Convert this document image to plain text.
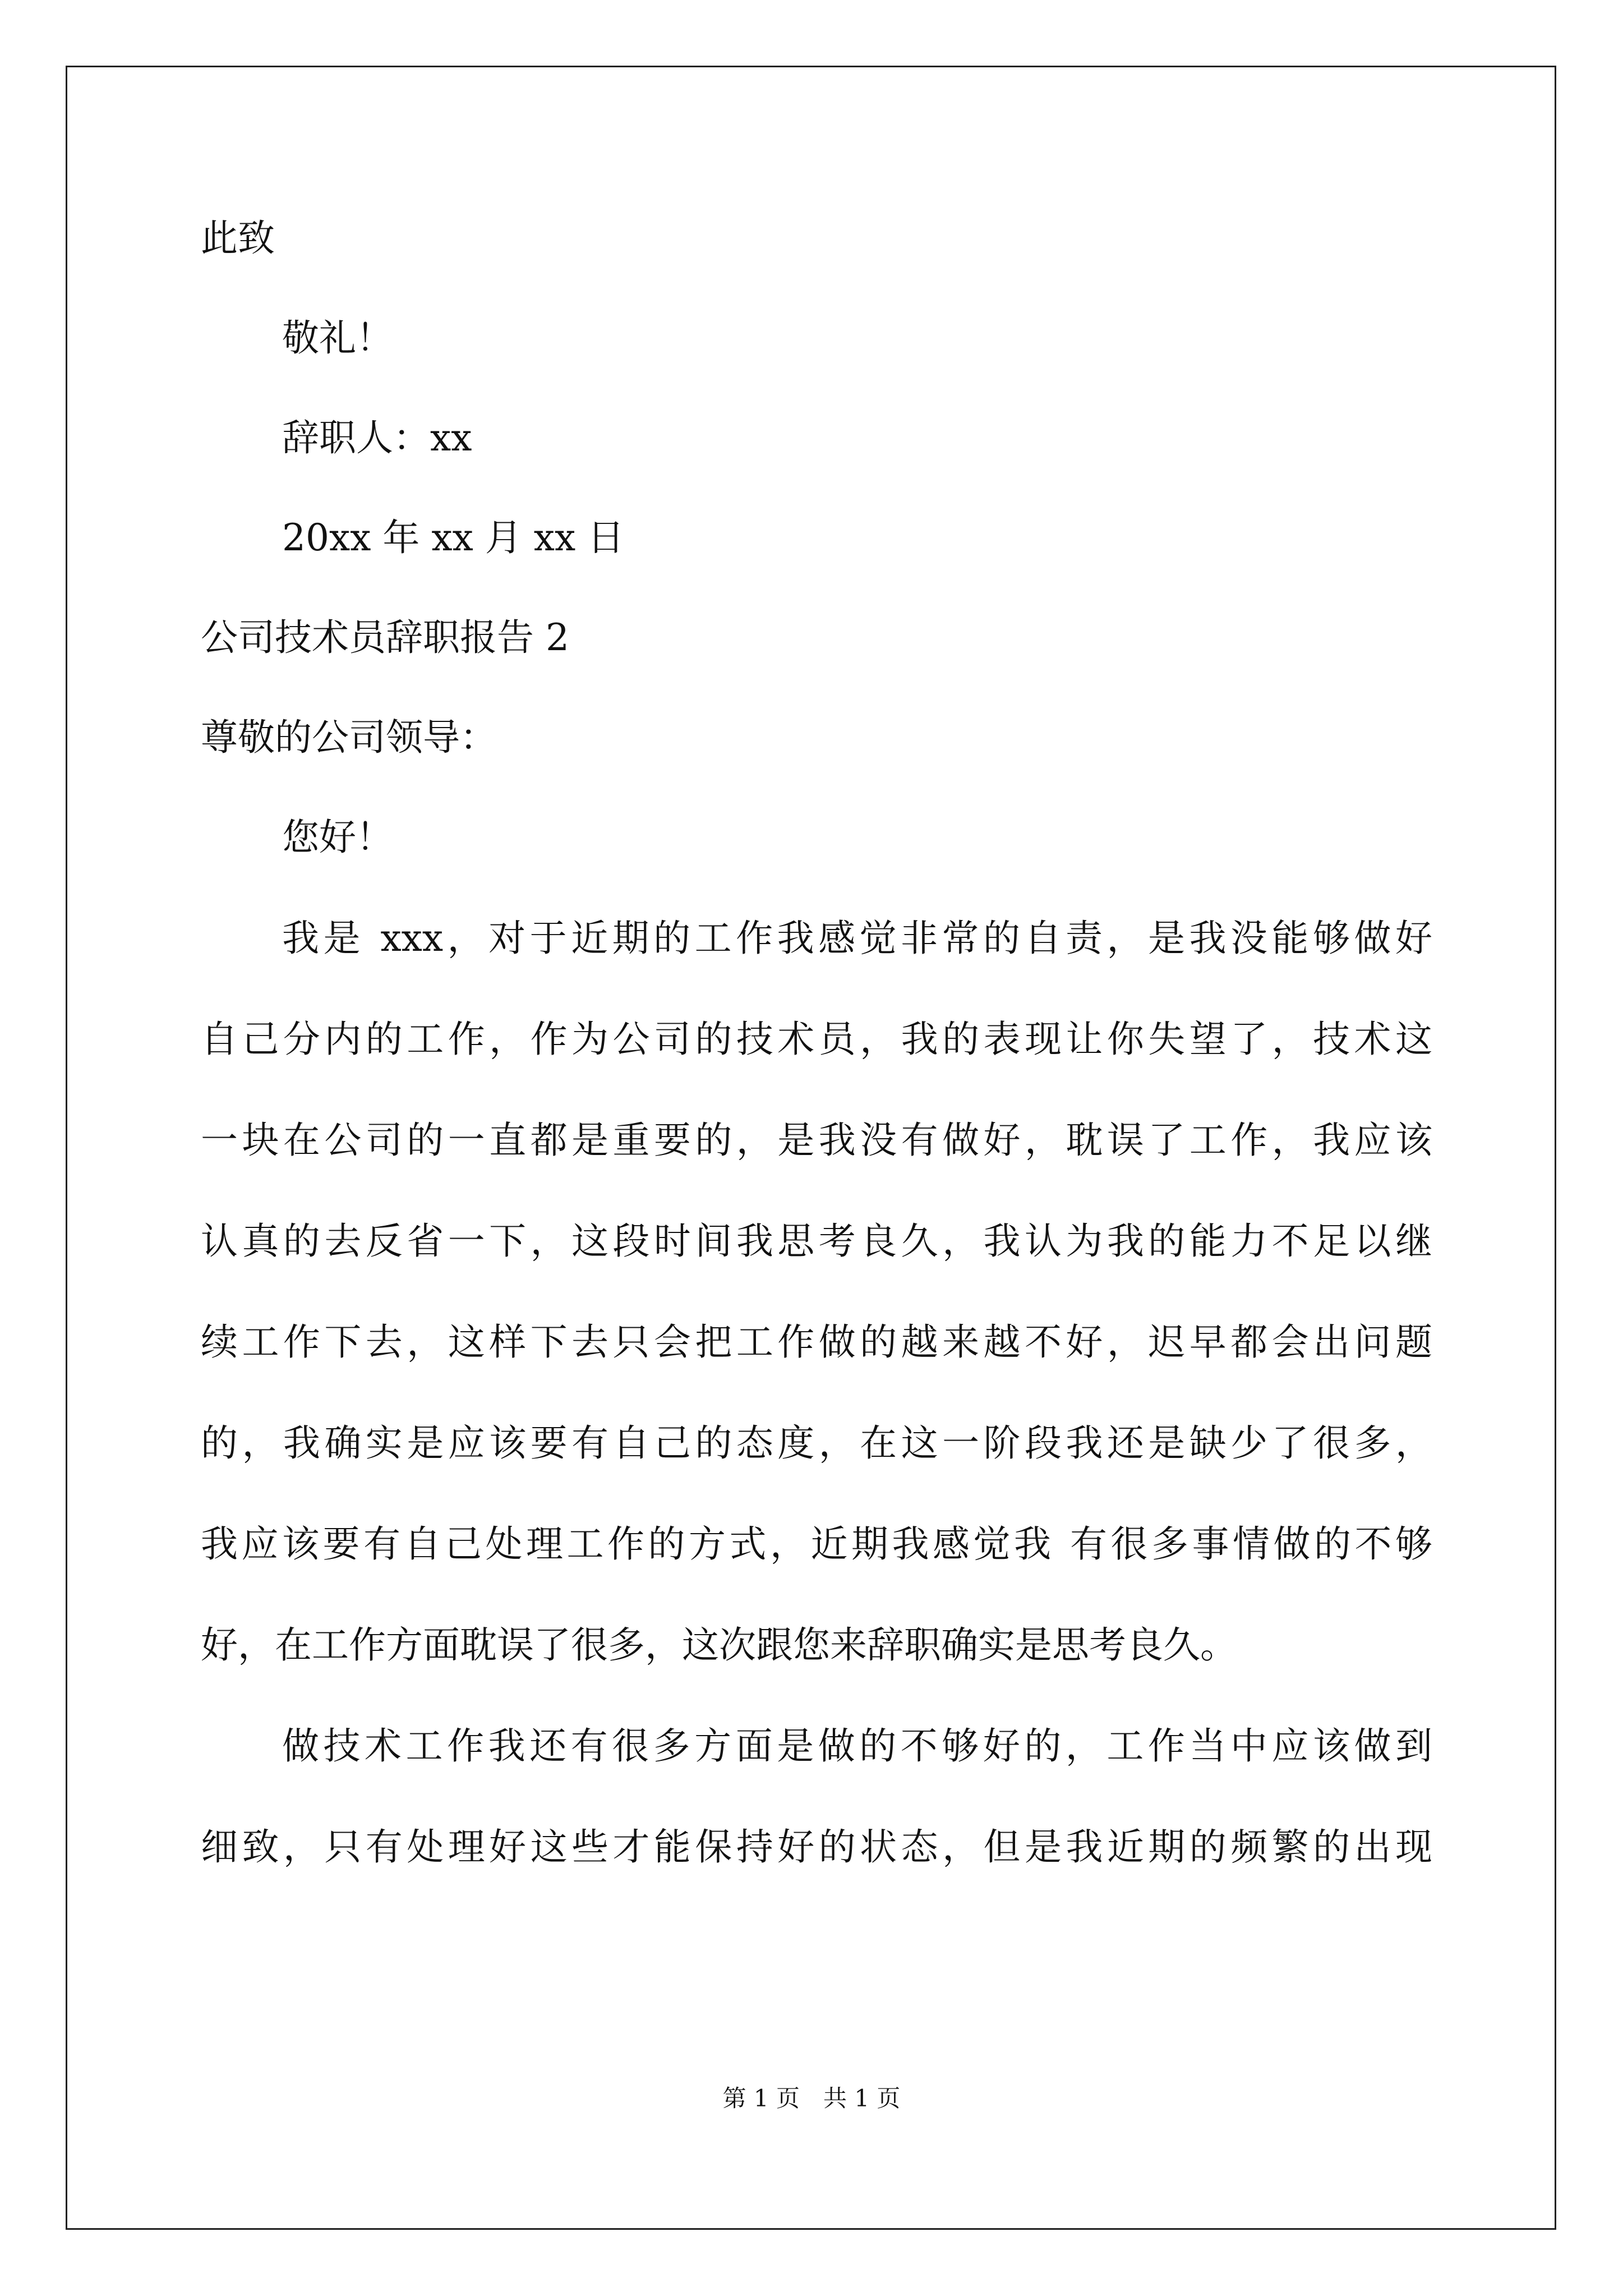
此致

敬礼！

辞职人：xx

20xx 年 xx 月 xx 日

公司技术员辞职报告 2

尊敬的公司领导：

您好！

我是 xxx，对于近期的工作我感觉非常的自责，是我没能够做好

自己分内的工作，作为公司的技术员，我的表现让你失望了，技术这

一块在公司的一直都是重要的，是我没有做好，耽误了工作，我应该

认真的去反省一下，这段时间我思考良久，我认为我的能力不足以继

续工作下去，这样下去只会把工作做的越来越不好，迟早都会出问题

的，我确实是应该要有自己的态度，在这一阶段我还是缺少了很多，

我应该要有自己处理工作的方式，近期我感觉我 有很多事情做的不够

好，在工作方面耽误了很多，这次跟您来辞职确实是思考良久。

做技术工作我还有很多方面是做的不够好的，工作当中应该做到

细致，只有处理好这些才能保持好的状态，但是我近期的频繁的出现

第 1 页　共 1 页
